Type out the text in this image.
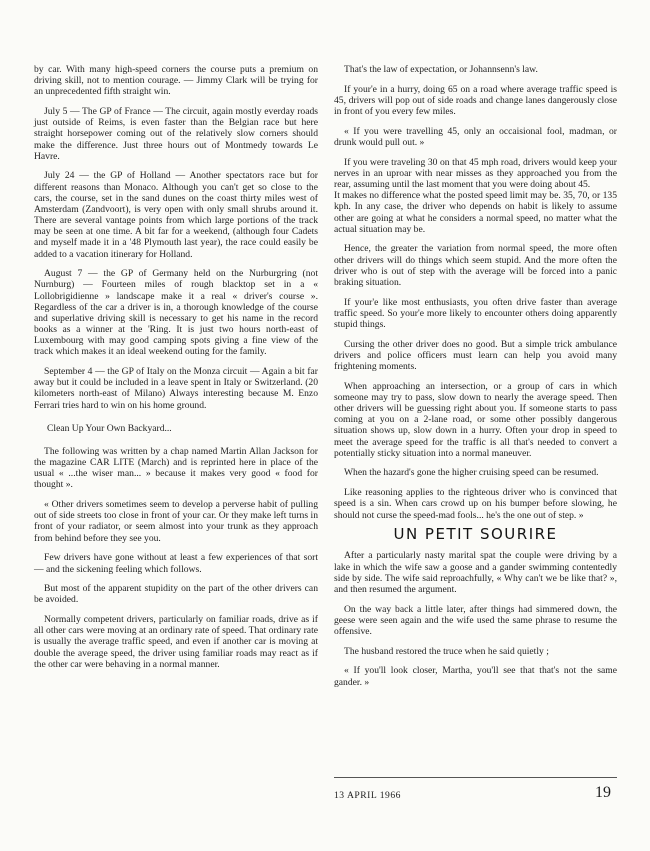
by car. With many high-speed corners the course puts a premium on driving skill, not to mention courage. — Jimmy Clark will be trying for an unprecedented fifth straight win.

July 5 — The GP of France — The circuit, again mostly everday roads just outside of Reims, is even faster than the Belgian race but here straight horsepower coming out of the relatively slow corners should make the difference. Just three hours out of Montmedy towards Le Havre.

July 24 — the GP of Holland — Another spectators race but for different reasons than Monaco. Although you can't get so close to the cars, the course, set in the sand dunes on the coast thirty miles west of Amsterdam (Zandvoort), is very open with only small shrubs around it. There are several vantage points from which large portions of the track may be seen at one time. A bit far for a weekend, (although four Cadets and myself made it in a '48 Plymouth last year), the race could easily be added to a vacation itinerary for Holland.

August 7 — the GP of Germany held on the Nurburgring (not Nurnburg) — Fourteen miles of rough blacktop set in a « Lollobrigidienne » landscape make it a real « driver's course ». Regardless of the car a driver is in, a thorough knowledge of the course and superlative driving skill is necessary to get his name in the record books as a winner at the 'Ring. It is just two hours north-east of Luxembourg with may good camping spots giving a fine view of the track which makes it an ideal weekend outing for the family.

September 4 — the GP of Italy on the Monza circuit — Again a bit far away but it could be included in a leave spent in Italy or Switzerland. (20 kilometers north-east of Milano) Always interesting because M. Enzo Ferrari tries hard to win on his home ground.

Clean Up Your Own Backyard...

The following was written by a chap named Martin Allan Jackson for the magazine CAR LITE (March) and is reprinted here in place of the usual « ...the wiser man... » because it makes very good « food for thought ».

« Other drivers sometimes seem to develop a perverse habit of pulling out of side streets too close in front of your car. Or they make left turns in front of your radiator, or seem almost into your trunk as they approach from behind before they see you.

Few drivers have gone without at least a few experiences of that sort — and the sickening feeling which follows.

But most of the apparent stupidity on the part of the other drivers can be avoided.

Normally competent drivers, particularly on familiar roads, drive as if all other cars were moving at an ordinary rate of speed. That ordinary rate is usually the average traffic speed, and even if another car is moving at double the average speed, the driver using familiar roads may react as if the other car were behaving in a normal manner.

That's the law of expectation, or Johannsenn's law.

If your'e in a hurry, doing 65 on a road where average traffic speed is 45, drivers will pop out of side roads and change lanes dangerously close in front of you every few miles.

« If you were travelling 45, only an occaisional fool, madman, or drunk would pull out. »

If you were traveling 30 on that 45 mph road, drivers would keep your nerves in an uproar with near misses as they approached you from the rear, assuming until the last moment that you were doing about 45.

It makes no difference what the posted speed limit may be. 35, 70, or 135 kph. In any case, the driver who depends on habit is likely to assume other are going at what he considers a normal speed, no matter what the actual situation may be.

Hence, the greater the variation from normal speed, the more often other drivers will do things which seem stupid. And the more often the driver who is out of step with the average will be forced into a panic braking situation.

If your'e like most enthusiasts, you often drive faster than average traffic speed. So your'e more likely to encounter others doing apparently stupid things.

Cursing the other driver does no good. But a simple trick ambulance drivers and police officers must learn can help you avoid many frightening moments.

When approaching an intersection, or a group of cars in which someone may try to pass, slow down to nearly the average speed. Then other drivers will be guessing right about you. If someone starts to pass coming at you on a 2-lane road, or some other possibly dangerous situation shows up, slow down in a hurry. Often your drop in speed to meet the average speed for the traffic is all that's needed to convert a potentially sticky situation into a normal maneuver.

When the hazard's gone the higher cruising speed can be resumed.

Like reasoning applies to the righteous driver who is convinced that speed is a sin. When cars crowd up on his bumper before slowing, he should not curse the speed-mad fools... he's the one out of step. »

UN PETIT SOURIRE

After a particularly nasty marital spat the couple were driving by a lake in which the wife saw a goose and a gander swimming contentedly side by side. The wife said reproachfully, « Why can't we be like that? », and then resumed the argument.

On the way back a little later, after things had simmered down, the geese were seen again and the wife used the same phrase to resume the offensive.

The husband restored the truce when he said quietly ;

« If you'll look closer, Martha, you'll see that that's not the same gander. »

13 APRIL 1966	19
